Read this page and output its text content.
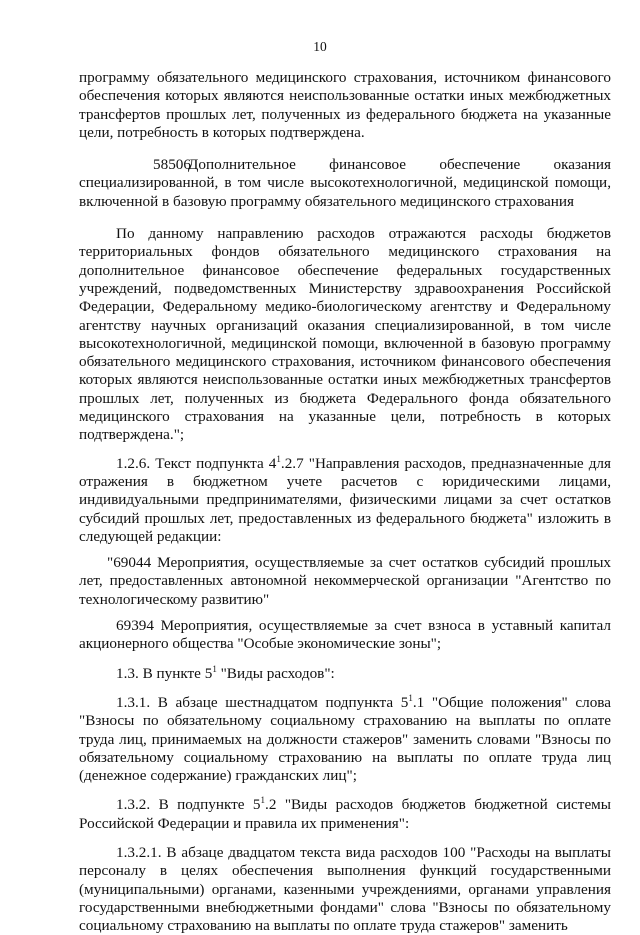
10

программу обязательного медицинского страхования, источником финансового обеспечения которых являются неиспользованные остатки иных межбюджетных трансфертов прошлых лет, полученных из федерального бюджета на указанные цели, потребность в которых подтверждена.

58506Дополнительное финансовое обеспечение оказания специализированной, в том числе высокотехнологичной, медицинской помощи, включенной в базовую программу обязательного медицинского страхования

По данному направлению расходов отражаются расходы бюджетов территориальных фондов обязательного медицинского страхования на дополнительное финансовое обеспечение федеральных государственных учреждений, подведомственных Министерству здравоохранения Российской Федерации, Федеральному медико-биологическому агентству и Федеральному агентству научных организаций оказания специализированной, в том числе высокотехнологичной, медицинской помощи, включенной в базовую программу обязательного медицинского страхования, источником финансового обеспечения которых являются неиспользованные остатки иных межбюджетных трансфертов прошлых лет, полученных из бюджета Федерального фонда обязательного медицинского страхования на указанные цели, потребность в которых подтверждена.";

1.2.6. Текст подпункта $4^1.2.7$ "Направления расходов, предназначенные для отражения в бюджетном учете расчетов с юридическими лицами, индивидуальными предпринимателями, физическими лицами за счет остатков субсидий прошлых лет, предоставленных из федерального бюджета" изложить в следующей редакции:

"69044 Мероприятия, осуществляемые за счет остатков субсидий прошлых лет, предоставленных автономной некоммерческой организации "Агентство по технологическому развитию"

69394 Мероприятия, осуществляемые за счет взноса в уставный капитал акционерного общества "Особые экономические зоны";

1.3. В пункте $5^1$ "Виды расходов":

1.3.1. В абзаце шестнадцатом подпункта $5^1.1$ "Общие положения" слова "Взносы по обязательному социальному страхованию на выплаты по оплате труда лиц, принимаемых на должности стажеров" заменить словами "Взносы по обязательному социальному страхованию на выплаты по оплате труда лиц (денежное содержание) гражданских лиц";

1.3.2. В подпункте $5^1.2$ "Виды расходов бюджетов бюджетной системы Российской Федерации и правила их применения":

1.3.2.1. В абзаце двадцатом текста вида расходов 100 "Расходы на выплаты персоналу в целях обеспечения выполнения функций государственными (муниципальными) органами, казенными учреждениями, органами управления государственными внебюджетными фондами" слова "Взносы по обязательному социальному страхованию на выплаты по оплате труда стажеров" заменить
